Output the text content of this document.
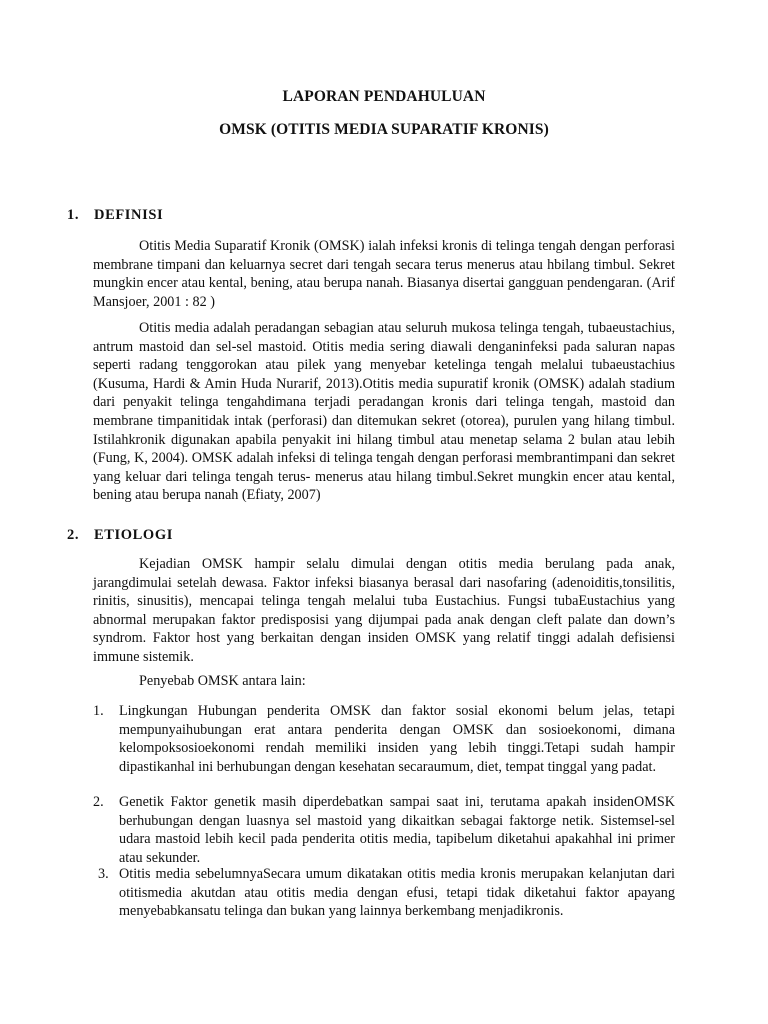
LAPORAN PENDAHULUAN
OMSK (OTITIS MEDIA SUPARATIF KRONIS)
1. DEFINISI

Otitis Media Suparatif Kronik (OMSK) ialah infeksi kronis di telinga tengah dengan perforasi membrane timpani dan keluarnya secret dari tengah secara terus menerus atau hbilang timbul. Sekret mungkin encer atau kental, bening, atau berupa nanah. Biasanya disertai gangguan pendengaran. (Arif Mansjoer, 2001 : 82 )

Otitis media adalah peradangan sebagian atau seluruh mukosa telinga tengah, tubaeustachius, antrum mastoid dan sel-sel mastoid. Otitis media sering diawali denganinfeksi pada saluran napas seperti radang tenggorokan atau pilek yang menyebar ketelinga tengah melalui tubaeustachius (Kusuma, Hardi & Amin Huda Nurarif, 2013).Otitis media supuratif kronik (OMSK) adalah stadium dari penyakit telinga tengahdimana terjadi peradangan kronis dari telinga tengah, mastoid dan membrane timpanitidak intak (perforasi) dan ditemukan sekret (otorea), purulen yang hilang timbul. Istilahkronik digunakan apabila penyakit ini hilang timbul atau menetap selama 2 bulan atau lebih (Fung, K, 2004). OMSK adalah infeksi di telinga tengah dengan perforasi membrantimpani dan sekret yang keluar dari telinga tengah terus- menerus atau hilang timbul.Sekret mungkin encer atau kental, bening atau berupa nanah (Efiaty, 2007)

2. ETIOLOGI

Kejadian OMSK hampir selalu dimulai dengan otitis media berulang pada anak, jarangdimulai setelah dewasa. Faktor infeksi biasanya berasal dari nasofaring (adenoiditis,tonsilitis, rinitis, sinusitis), mencapai telinga tengah melalui tuba Eustachius. Fungsi tubaEustachius yang abnormal merupakan faktor predisposisi yang dijumpai pada anak dengan cleft palate dan down’s syndrom. Faktor host yang berkaitan dengan insiden OMSK yang relatif tinggi adalah defisiensi immune sistemik.

Penyebab OMSK antara lain:

1. Lingkungan Hubungan penderita OMSK dan faktor sosial ekonomi belum jelas, tetapi mempunyaihubungan erat antara penderita dengan OMSK dan sosioekonomi, dimana kelompoksosioekonomi rendah memiliki insiden yang lebih tinggi.Tetapi sudah hampir dipastikanhal ini berhubungan dengan kesehatan secaraumum, diet, tempat tinggal yang padat.
2. Genetik Faktor genetik masih diperdebatkan sampai saat ini, terutama apakah insidenOMSK berhubungan dengan luasnya sel mastoid yang dikaitkan sebagai faktorge netik. Sistemsel-sel udara mastoid lebih kecil pada penderita otitis media, tapibelum diketahui apakahhal ini primer atau sekunder.
3. Otitis media sebelumnyaSecara umum dikatakan otitis media kronis merupakan kelanjutan dari otitismedia akutdan atau otitis media dengan efusi, tetapi tidak diketahui faktor apayang menyebabkansatu telinga dan bukan yang lainnya berkembang menjadikronis.
